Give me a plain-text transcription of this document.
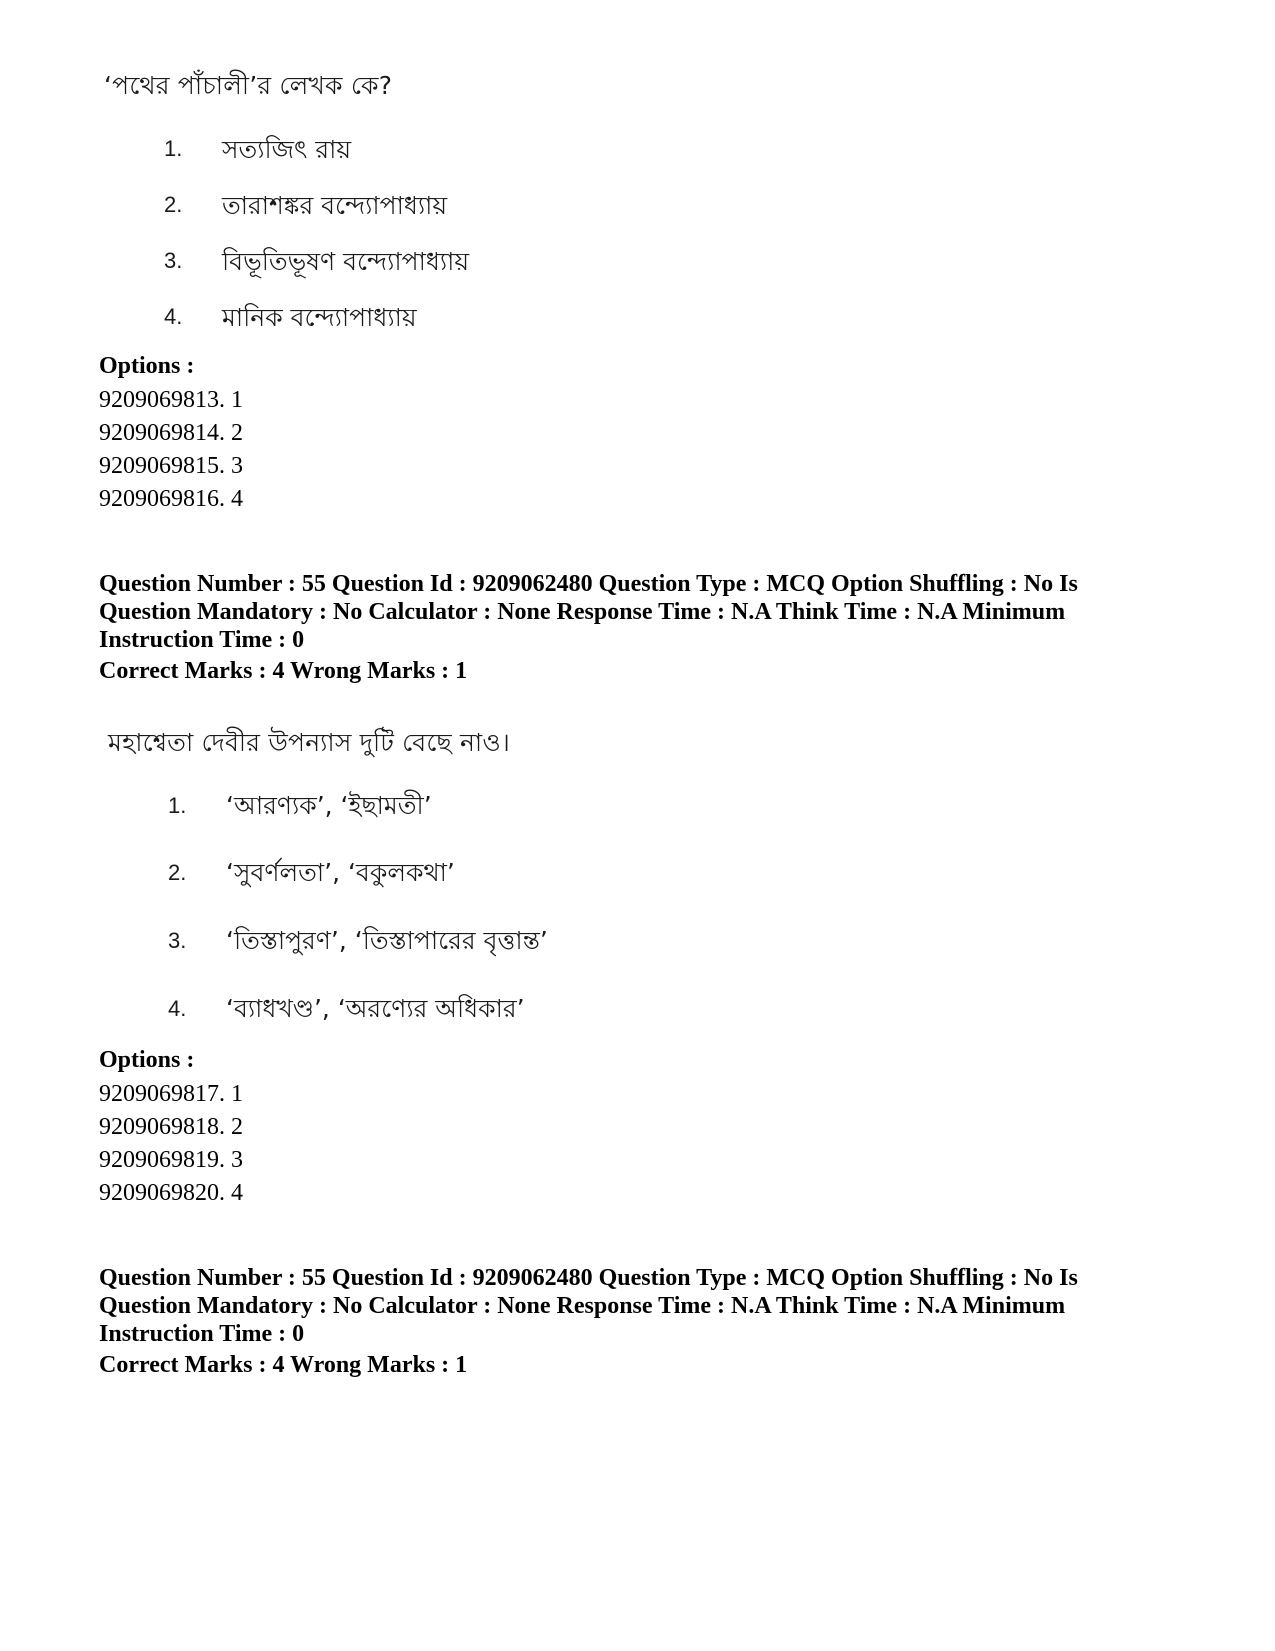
‘পথের পাঁচালী’র লেখক কে?
1. সত্যজিৎ রায়
2. তারাশঙ্কর বন্দ্যোপাধ্যায়
3. বিভূতিভূষণ বন্দ্যোপাধ্যায়
4. মানিক বন্দ্যোপাধ্যায়
Options :
9209069813. 1
9209069814. 2
9209069815. 3
9209069816. 4
Question Number : 55 Question Id : 9209062480 Question Type : MCQ Option Shuffling : No Is
Question Mandatory : No Calculator : None Response Time : N.A Think Time : N.A Minimum
Instruction Time : 0
Correct Marks : 4 Wrong Marks : 1
মহাশ্বেতা দেবীর উপন্যাস দুটি বেছে নাও।
1. ‘আরণ্যক’, ‘ইছামতী’
2. ‘সুবর্ণলতা’, ‘বকুলকথা’
3. ‘তিস্তাপুরণ’, ‘তিস্তাপারের বৃত্তান্ত’
4. ‘ব্যাধখণ্ড’, ‘অরণ্যের অধিকার’
Options :
9209069817. 1
9209069818. 2
9209069819. 3
9209069820. 4
Question Number : 55 Question Id : 9209062480 Question Type : MCQ Option Shuffling : No Is
Question Mandatory : No Calculator : None Response Time : N.A Think Time : N.A Minimum
Instruction Time : 0
Correct Marks : 4 Wrong Marks : 1
